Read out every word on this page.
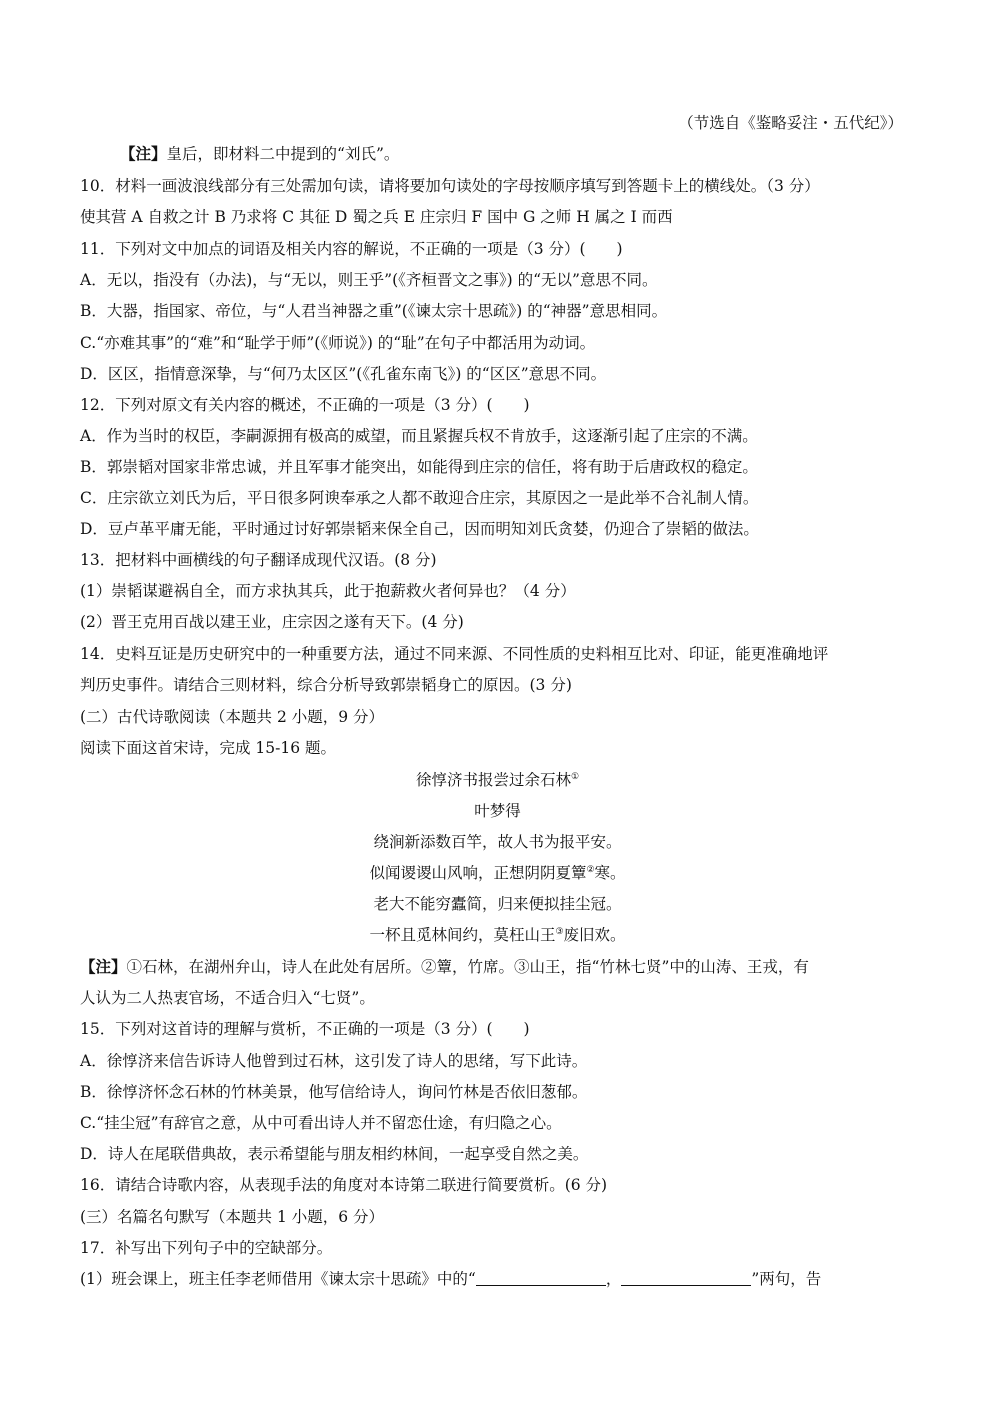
（节选自《鉴略妥注・五代纪》）
【注】皇后，即材料二中提到的“刘氏”。
10．材料一画波浪线部分有三处需加句读，请将要加句读处的字母按顺序填写到答题卡上的横线处。（3 分）
使其营 A 自救之计 B 乃求将 C 其征 D 蜀之兵 E 庄宗归 F 国中 G 之师 H 属之 I 而西
11．下列对文中加点的词语及相关内容的解说，不正确的一项是（3 分）(　　)
A．无以，指没有（办法)，与“无以，则王乎”(《齐桓晋文之事》) 的“无以”意思不同。
B．大器，指国家、帝位，与“人君当神器之重”(《谏太宗十思疏》) 的“神器”意思相同。
C.“亦难其事”的“难”和“耻学于师”(《师说》) 的“耻”在句子中都活用为动词。
D．区区，指情意深挚，与“何乃太区区”(《孔雀东南飞》) 的“区区”意思不同。
12．下列对原文有关内容的概述，不正确的一项是（3 分）(　　)
A．作为当时的权臣，李嗣源拥有极高的威望，而且紧握兵权不肯放手，这逐渐引起了庄宗的不满。
B．郭崇韬对国家非常忠诚，并且军事才能突出，如能得到庄宗的信任，将有助于后唐政权的稳定。
C．庄宗欲立刘氏为后，平日很多阿谀奉承之人都不敢迎合庄宗，其原因之一是此举不合礼制人情。
D．豆卢革平庸无能，平时通过讨好郭崇韬来保全自己，因而明知刘氏贪婪，仍迎合了崇韬的做法。
13．把材料中画横线的句子翻译成现代汉语。(8 分)
(1）崇韬谋避祸自全，而方求执其兵，此于抱薪救火者何异也？（4 分）
(2）晋王克用百战以建王业，庄宗因之遂有天下。(4 分)
14．史料互证是历史研究中的一种重要方法，通过不同来源、不同性质的史料相互比对、印证，能更准确地评
判历史事件。请结合三则材料，综合分析导致郭崇韬身亡的原因。(3 分)
(二）古代诗歌阅读（本题共 2 小题，9 分）
阅读下面这首宋诗，完成 15-16 题。
徐惇济书报尝过余石林①
叶梦得
绕涧新添数百竿，故人书为报平安。
似闻谡谡山风响，正想阴阴夏簟②寒。
老大不能穷蠹简，归来便拟挂尘冠。
一杯且觅林间约，莫枉山王③废旧欢。
【注】①石林，在湖州弁山，诗人在此处有居所。②簟，竹席。③山王，指“竹林七贤”中的山涛、王戎，有
人认为二人热衷官场，不适合归入“七贤”。
15．下列对这首诗的理解与赏析，不正确的一项是（3 分）(　　)
A．徐惇济来信告诉诗人他曾到过石林，这引发了诗人的思绪，写下此诗。
B．徐惇济怀念石林的竹林美景，他写信给诗人，询问竹林是否依旧葱郁。
C.“挂尘冠”有辞官之意，从中可看出诗人并不留恋仕途，有归隐之心。
D．诗人在尾联借典故，表示希望能与朋友相约林间，一起享受自然之美。
16．请结合诗歌内容，从表现手法的角度对本诗第二联进行简要赏析。(6 分)
(三）名篇名句默写（本题共 1 小题，6 分）
17．补写出下列句子中的空缺部分。
(1）班会课上，班主任李老师借用《谏太宗十思疏》中的“	，	”两句，告
